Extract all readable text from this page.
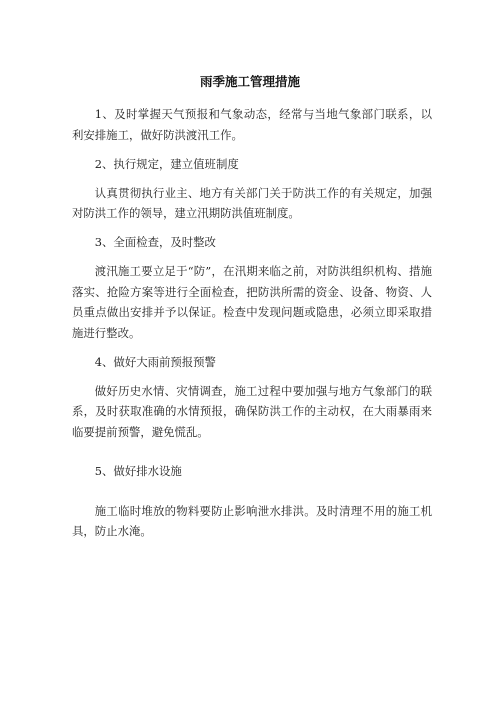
雨季施工管理措施

1、及时掌握天气预报和气象动态，经常与当地气象部门联系，以利安排施工，做好防洪渡汛工作。

2、执行规定，建立值班制度

认真贯彻执行业主、地方有关部门关于防洪工作的有关规定，加强对防洪工作的领导，建立汛期防洪值班制度。

3、全面检查，及时整改

渡汛施工要立足于“防”，在汛期来临之前，对防洪组织机构、措施落实、抢险方案等进行全面检查，把防洪所需的资金、设备、物资、人员重点做出安排并予以保证。检查中发现问题或隐患，必须立即采取措施进行整改。

4、做好大雨前预报预警

做好历史水情、灾情调查，施工过程中要加强与地方气象部门的联系，及时获取准确的水情预报，确保防洪工作的主动权，在大雨暴雨来临要提前预警，避免慌乱。

5、做好排水设施

施工临时堆放的物料要防止影响泄水排洪。及时清理不用的施工机具，防止水淹。
